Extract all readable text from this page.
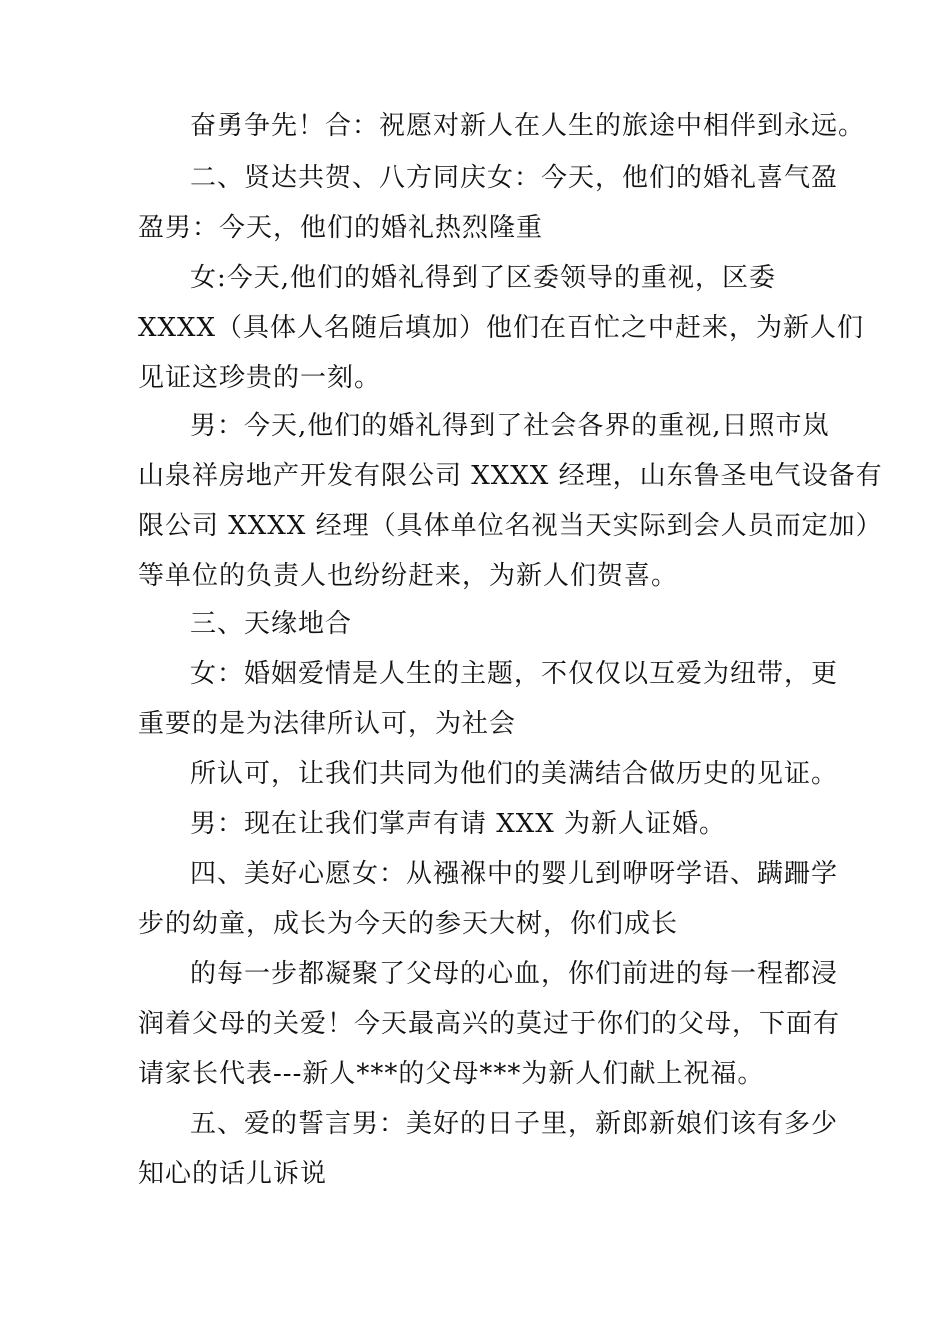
奋勇争先！合：祝愿对新人在人生的旅途中相伴到永远。
二、贤达共贺、八方同庆女：今天，他们的婚礼喜气盈
盈男：今天，他们的婚礼热烈隆重
女:今天,他们的婚礼得到了区委领导的重视，区委
XXXX（具体人名随后填加）他们在百忙之中赶来，为新人们
见证这珍贵的一刻。
男：今天,他们的婚礼得到了社会各界的重视,日照市岚
山泉祥房地产开发有限公司 XXXX 经理，山东鲁圣电气设备有
限公司 XXXX 经理（具体单位名视当天实际到会人员而定加）
等单位的负责人也纷纷赶来，为新人们贺喜。
三、天缘地合
女：婚姻爱情是人生的主题，不仅仅以互爱为纽带，更
重要的是为法律所认可，为社会
所认可，让我们共同为他们的美满结合做历史的见证。
男：现在让我们掌声有请 XXX 为新人证婚。
四、美好心愿女：从襁褓中的婴儿到咿呀学语、蹒跚学
步的幼童，成长为今天的参天大树，你们成长
的每一步都凝聚了父母的心血，你们前进的每一程都浸
润着父母的关爱！今天最高兴的莫过于你们的父母，下面有
请家长代表---新人***的父母***为新人们献上祝福。
五、爱的誓言男：美好的日子里，新郎新娘们该有多少
知心的话儿诉说
